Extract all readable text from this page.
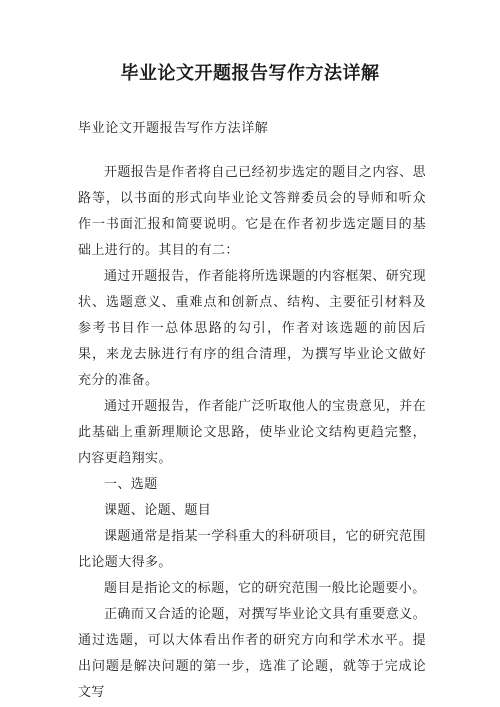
毕业论文开题报告写作方法详解
毕业论文开题报告写作方法详解

开题报告是作者将自己已经初步选定的题目之内容、思路等，以书面的形式向毕业论文答辩委员会的导师和听众作一书面汇报和简要说明。它是在作者初步选定题目的基础上进行的。其目的有二：

通过开题报告，作者能将所选课题的内容框架、研究现状、选题意义、重难点和创新点、结构、主要征引材料及参考书目作一总体思路的勾引，作者对该选题的前因后果，来龙去脉进行有序的组合清理，为撰写毕业论文做好充分的准备。

通过开题报告，作者能广泛听取他人的宝贵意见，并在此基础上重新理顺论文思路，使毕业论文结构更趋完整，内容更趋翔实。

一、选题

课题、论题、题目

课题通常是指某一学科重大的科研项目，它的研究范围比论题大得多。

题目是指论文的标题，它的研究范围一般比论题要小。

正确而又合适的论题，对撰写毕业论文具有重要意义。通过选题，可以大体看出作者的研究方向和学术水平。提出问题是解决问题的第一步，选准了论题，就等于完成论文写
